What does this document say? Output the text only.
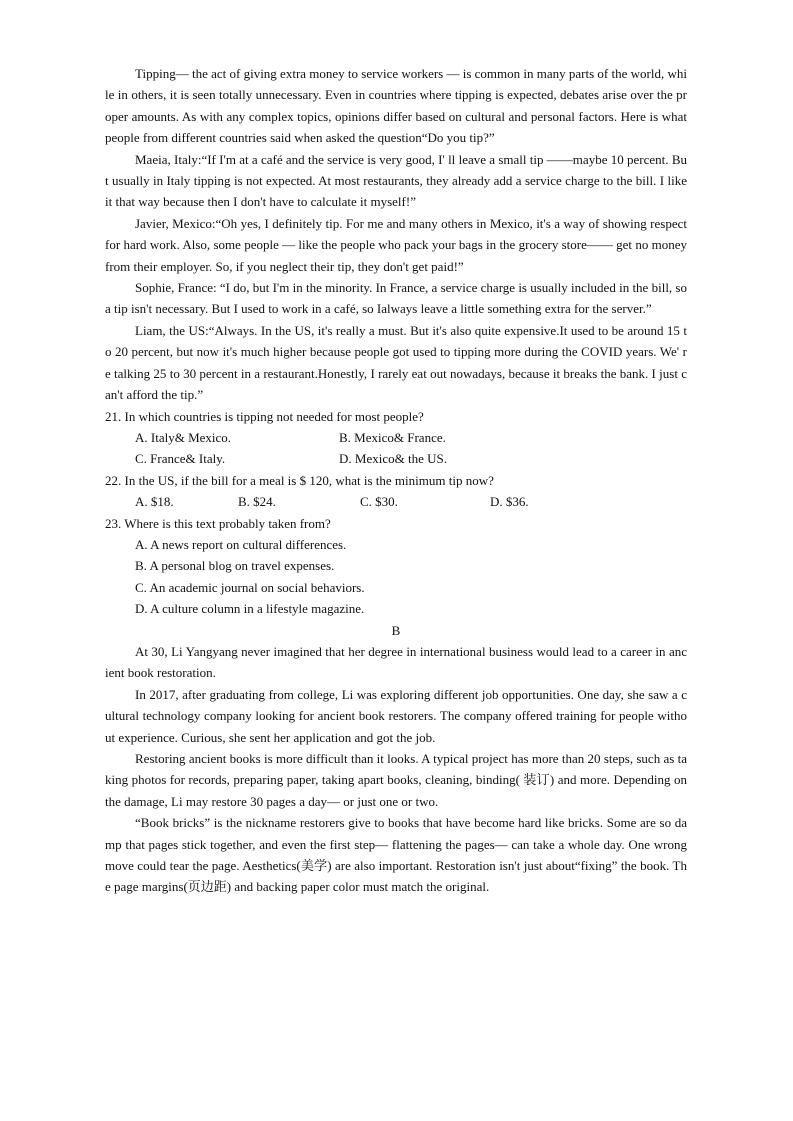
Tipping— the act of giving extra money to service workers — is common in many parts of the world, while in others, it is seen totally unnecessary. Even in countries where tipping is expected, debates arise over the proper amounts. As with any complex topics, opinions differ based on cultural and personal factors. Here is what people from different countries said when asked the question“Do you tip?”

Maeia, Italy:“If I'm at a café and the service is very good, I' ll leave a small tip ——maybe 10 percent. But usually in Italy tipping is not expected. At most restaurants, they already add a service charge to the bill. I like it that way because then I don't have to calculate it myself!”

Javier, Mexico:“Oh yes, I definitely tip. For me and many others in Mexico, it's a way of showing respect for hard work. Also, some people — like the people who pack your bags in the grocery store—— get no money from their employer. So, if you neglect their tip, they don't get paid!”

Sophie, France: “I do, but I'm in the minority. In France, a service charge is usually included in the bill, so a tip isn't necessary. But I used to work in a café, so Ialways leave a little something extra for the server.”

Liam, the US:“Always. In the US, it's really a must. But it's also quite expensive.It used to be around 15 to 20 percent, but now it's much higher because people got used to tipping more during the COVID years. We' re talking 25 to 30 percent in a restaurant.Honestly, I rarely eat out nowadays, because it breaks the bank. I just can't afford the tip.”

21. In which countries is tipping not needed for most people?

A. Italy& Mexico.	B. Mexico& France.
C. France& Italy.	D. Mexico& the US.

22. In the US, if the bill for a meal is $ 120, what is the minimum tip now?

A. $18.	B. $24.	C. $30.	D. $36.

23. Where is this text probably taken from?

A. A news report on cultural differences.

B. A personal blog on travel expenses.

C. An academic journal on social behaviors.

D. A culture column in a lifestyle magazine.

B

At 30, Li Yangyang never imagined that her degree in international business would lead to a career in ancient book restoration.

In 2017, after graduating from college, Li was exploring different job opportunities. One day, she saw a cultural technology company looking for ancient book restorers. The company offered training for people without experience. Curious, she sent her application and got the job.

Restoring ancient books is more difficult than it looks. A typical project has more than 20 steps, such as taking photos for records, preparing paper, taking apart books, cleaning, binding( 装订) and more. Depending on the damage, Li may restore 30 pages a day— or just one or two.

“Book bricks” is the nickname restorers give to books that have become hard like bricks. Some are so damp that pages stick together, and even the first step— flattening the pages— can take a whole day. One wrong move could tear the page. Aesthetics(美学) are also important. Restoration isn't just about“fixing” the book. The page margins(页边距) and backing paper color must match the original.
